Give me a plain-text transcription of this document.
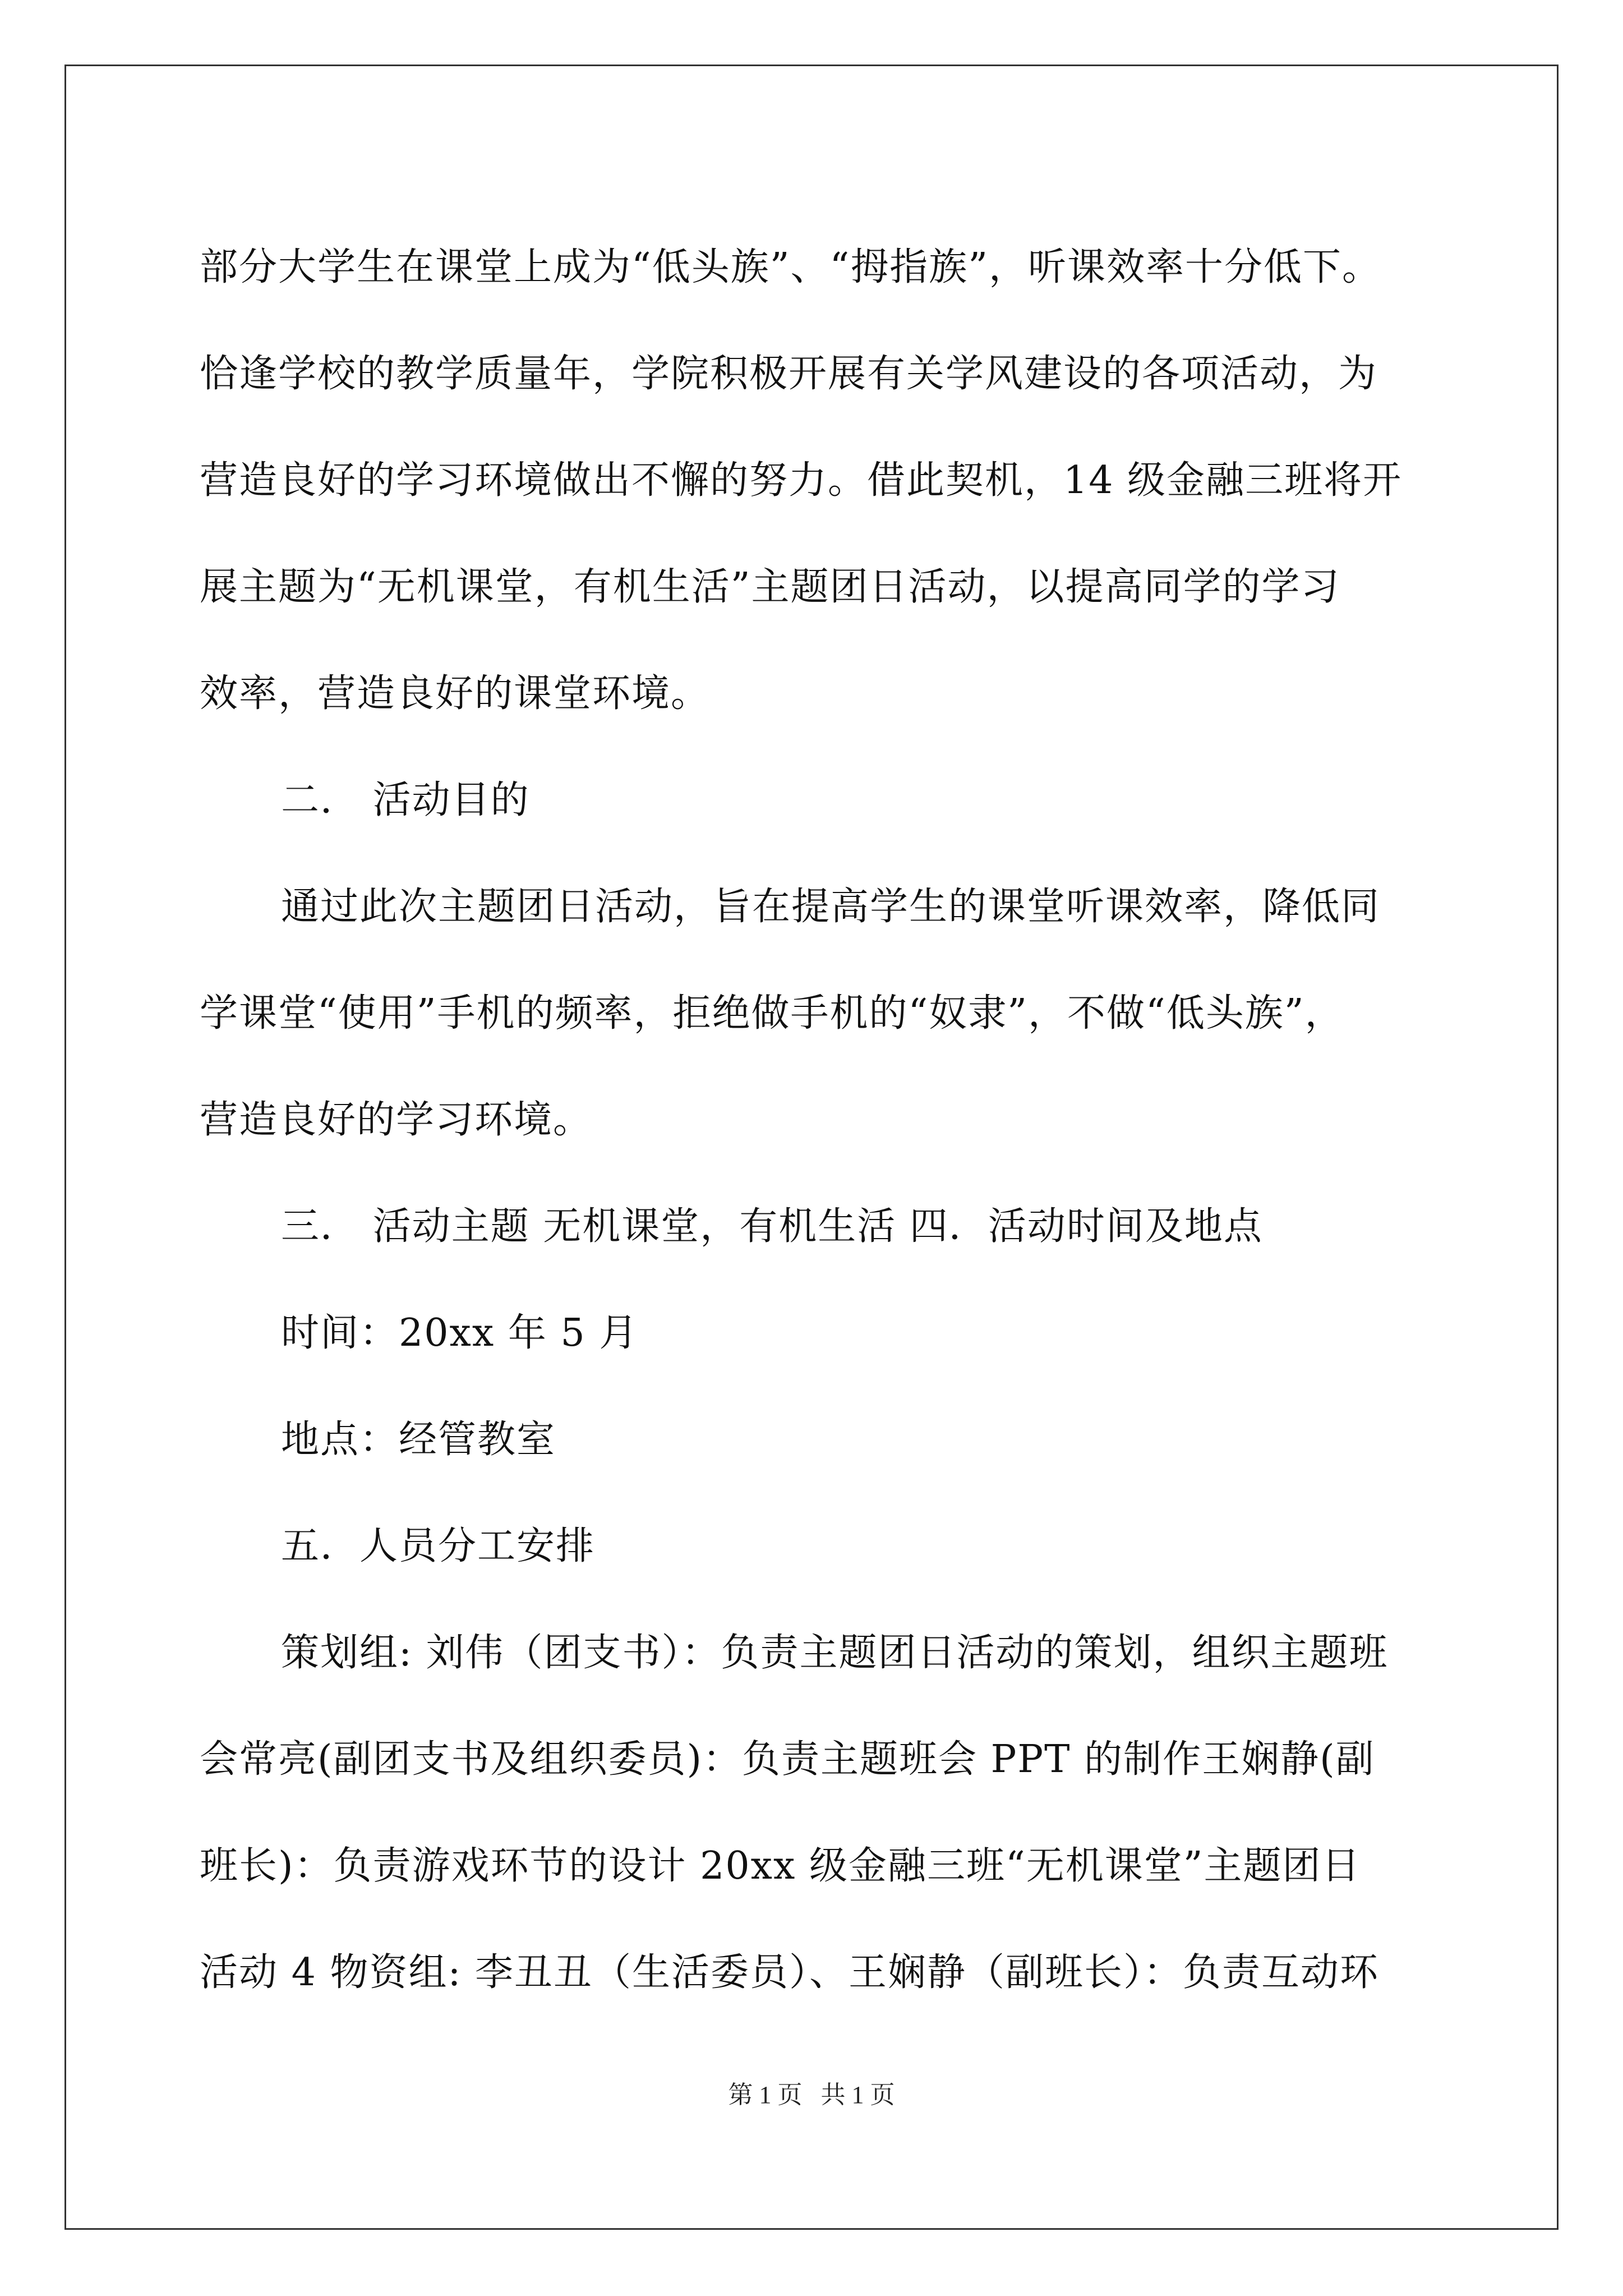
部分大学生在课堂上成为“低头族”、“拇指族”，听课效率十分低下。
恰逢学校的教学质量年，学院积极开展有关学风建设的各项活动，为
营造良好的学习环境做出不懈的努力。借此契机，14 级金融三班将开
展主题为“无机课堂，有机生活”主题团日活动，以提高同学的学习
效率，营造良好的课堂环境。
二． 活动目的
通过此次主题团日活动，旨在提高学生的课堂听课效率，降低同
学课堂“使用”手机的频率，拒绝做手机的“奴隶”，不做“低头族”，
营造良好的学习环境。
三． 活动主题 无机课堂，有机生活 四．活动时间及地点
时间：20xx 年 5 月
地点：经管教室
五．人员分工安排
策划组: 刘伟（团支书）：负责主题团日活动的策划，组织主题班
会常亮(副团支书及组织委员)：负责主题班会 PPT 的制作王娴静(副
班长)：负责游戏环节的设计 20xx 级金融三班“无机课堂”主题团日
活动 4 物资组: 李丑丑（生活委员）、王娴静（副班长）：负责互动环
第 1 页   共 1 页
